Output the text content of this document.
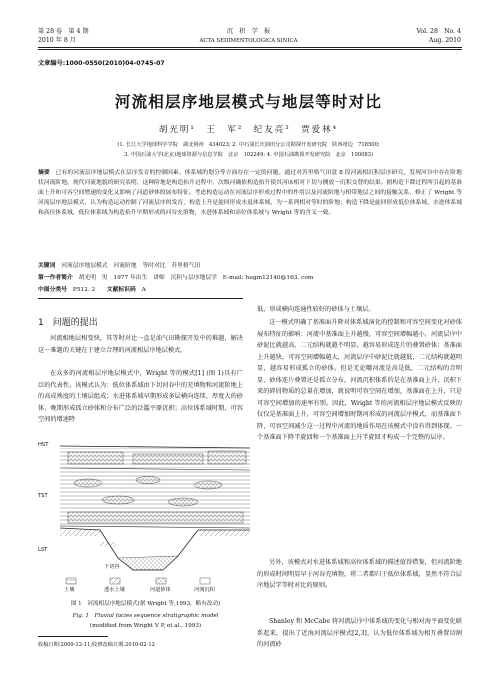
第 28 卷　第 4 期
2010 年 8 月
沉　积　学　报
ACTA SEDIMENTOLOGICA SINICA
Vol. 28　No. 4
Aug. 2010
文章编号:1000-0550(2010)04-0745-07
河流相层序地层模式与地层等时对比
胡光明¹　王　军²　纪友亮³　贾爱林⁴
(1. 长江大学地球科学学院　湖北荆州　434023; 2. 中石油长庆油田分公司勘探开发研究院　陕西靖边　718500;
3. 中国石油大学(北京)地球资源与信息学院　北京　102249; 4. 中国石油勘探开发研究院　北京　100083)
摘要　 已有的河流层序地层模式在层序发育的控制因素、体系域的划分等方面存在一定的问题。通过对苏里格气田盒 8 段河流相沉积层序研究，发现河谷中存在阶地状河流阶地。现代河流地貌的研究表明，这种阶地是构造抬升过程中，次级河确依构造抬升使其河床相对下切与侧放一沉积交替的结果。据构造下降过程所引起的基准面上升和可容空间增速的变化又影响了河道砂体的展布特征。考虑构造运动在河流层序形成过程中的作用以及河流阶地与相带地层之间的接触关系，修正了 Wright 等河流层序地层模式，认为构造运动控制了河流层序的发育，构造上升是旋回形成水退体系域，为一系列相对等时的阶地；构造下降是旋回形成低位体系域，水进体系域和高位体系域，低位体系域为构造抬升早期形成的河谷充填物，水进体系域和高位体系域与 Wright 等的含义一致。
关键词　 河流层序地层模式　河流阶地　等时对比　苏里格气田
第一作者简介　 胡光明　男　1977 年出生　讲师　沉积与层序地层学　E-mail: hugm12140@163. com
中图分类号　 P512. 2　　 文献标识码　 A
1　问题的提出
河流相地层相变快，其等时对比一直是油气田勘探开发中的难题，解决这一难题的关键在于建立合理的河流相层序地层模式。
在众多的河流相层序地层模式中，Wright 等的模式[1] (图 1)具有广泛的代表性，该模式认为：低位体系域由下切河谷中的充填物和河流阶地上的高成熟度的土壤层组成；水进体系域早期形成多层横向连续、厚度大的砂体，晚期形成孤立砂体和分布广泛的泛滥平原沉积；高位体系域时期，可容空间的增速降
HST
TST
LST
下切谷
土壤	透水土壤	河道砂体	河漫沉积
图 1　河流相层序地层模式(据 Wright 等,1993，略有改动)
Fig. 1　Fluvial facies sequence stratigraphic model
(modified from Wright V P, et al., 1993)
收稿日期:2009-12-11;收修改稿日期:2010-02-12
低，形成横向连通性较好的砂体与土壤层。
这一模式明确了基准面升降对体系域演化的控制和可容空间变化对砂体展布特征的影响：河流中基准面上升越慢，可容空间增幅越小，河流层序中砂泥比就越高，二元结构就越不明显，越容易形成连片的叠置砂体；基准面上升越快，可容空间增幅越大，河流层序中砂泥比就越低，二元结构就越明显，越容易形成孤立的砂体。但是无论哪河流是高是低，二元结构的音明显，砂体连片叠置还是孤立分布，河流沉积体系的是在基准面上升，沉积下来的碎屑物质的总量在增加，就说明可容空间在增加，基准面在上升，只是可容空间增加的速率有别。因此，Wright 等的河流相层序地层模式反映的仅仅是基准面上升，可容空间增加时期河形成的河流层序模式，而基准面下降，可容空间减少这一过程中河流的地质作用在该模式中没有得到体现。一个基准面下降半旋回和一个基准面上升半旋回才构成一个完整的层序。
另外，该模式对水进体系域和高位体系域的描述值得借鉴，但河流阶地的形成时间明显早于河谷充填物，将二者都归于低位体系域，显然不符合层序地层学等时对比的原则。
Shanley 和 McCabe 将河流层序中体系域的变化与相对海平面变化联系起来，提出了近海河流层序模式[2,3]，认为低位体系域为相互叠置切割的河流砂
